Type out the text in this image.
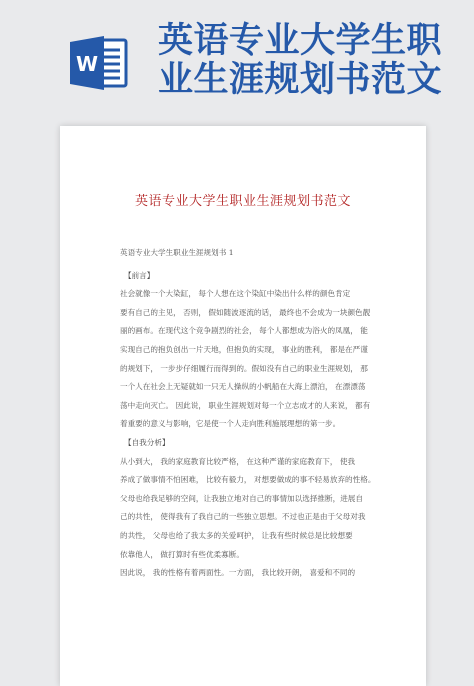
W
英语专业大学生职
业生涯规划书范文
英语专业大学生职业生涯规划书范文

英语专业大学生职业生涯规划书 1

【前言】

社会就像一个大染缸， 每个人想在这个染缸中染出什么样的颜色肯定

要有自己的主见， 否则， 假如随波逐流的话， 最终也不会成为一块颜色靓

丽的画布。在现代这个竞争剧烈的社会， 每个人都想成为浴火的凤凰， 能

实现自己的抱负创出一片天地，但抱负的实现， 事业的胜利， 都是在严谨

的规划下， 一步步仔细履行而得到的。假如没有自己的职业生涯规划， 那

一个人在社会上无疑就如一只无人操纵的小帆船在大海上漂泊， 在漂漂荡

荡中走向灭亡。 因此说， 职业生涯规划对每一个立志成才的人来说， 都有

着重要的意义与影响，它是使一个人走向胜利施展理想的第一步。

【自我分析】

从小到大， 我的家庭教育比较严格， 在这种严谨的家庭教育下， 使我

养成了做事情不怕困难， 比较有毅力， 对想要做成的事不轻易放弃的性格。

父母也给我足够的空间，让我独立地对自己的事情加以选择推断，进展自

己的共性， 使得我有了我自己的一些独立思想。不过也正是由于父母对我

的共性， 父母也给了我太多的关爱呵护， 让我有些时候总是比较想要

依靠他人， 做打算时有些优柔寡断。

因此说， 我的性格有着两面性。一方面， 我比较开朗， 喜爱和不同的
